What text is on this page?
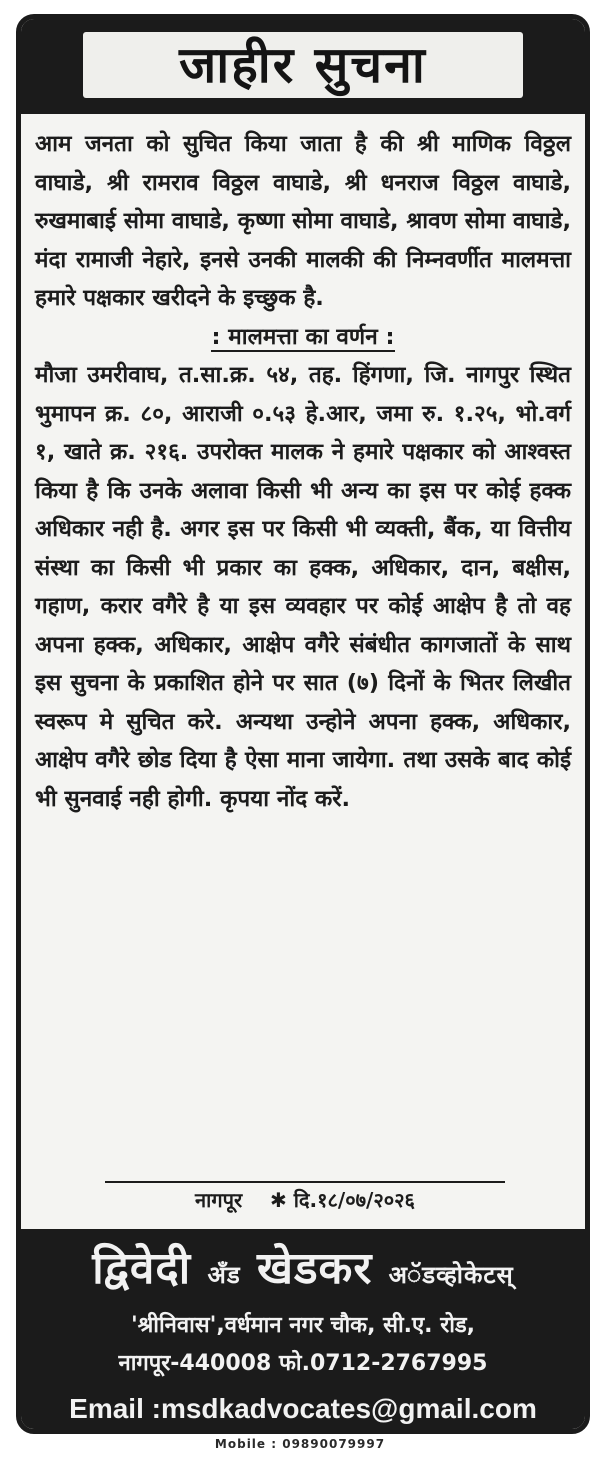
जाहीर सुचना

आम जनता को सुचित किया जाता है की श्री माणिक विठ्ठल वाघाडे, श्री रामराव विठ्ठल वाघाडे, श्री धनराज विठ्ठल वाघाडे, रुखमाबाई सोमा वाघाडे, कृष्णा सोमा वाघाडे, श्रावण सोमा वाघाडे, मंदा रामाजी नेहारे, इनसे उनकी मालकी की निम्नवर्णीत मालमत्ता हमारे पक्षकार खरीदने के इच्छुक है.

: मालमत्ता का वर्णन :

मौजा उमरीवाघ, त.सा.क्र. ५४, तह. हिंगणा, जि. नागपुर स्थित भुमापन क्र. ८०, आराजी ०.५३ हे.आर, जमा रु. १.२५, भो.वर्ग १, खाते क्र. २१६. उपरोक्त मालक ने हमारे पक्षकार को आश्वस्त किया है कि उनके अलावा किसी भी अन्य का इस पर कोई हक्क अधिकार नही है. अगर इस पर किसी भी व्यक्ती, बैंक, या वित्तीय संस्था का किसी भी प्रकार का हक्क, अधिकार, दान, बक्षीस, गहाण, करार वगैरे है या इस व्यवहार पर कोई आक्षेप है तो वह अपना हक्क, अधिकार, आक्षेप वगैरे संबंधीत कागजातों के साथ इस सुचना के प्रकाशित होने पर सात (७) दिनों के भितर लिखीत स्वरूप मे सुचित करे. अन्यथा उन्होने अपना हक्क, अधिकार, आक्षेप वगैरे छोड दिया है ऐसा माना जायेगा. तथा उसके बाद कोई भी सुनवाई नही होगी. कृपया नोंद करें.

नागपूर ✱ दि.१८/०७/२०२६
द्विवेदी अँड खेडकर अॅडव्होकेटस्
'श्रीनिवास',वर्धमान नगर चौक, सी.ए. रोड,
नागपूर-440008 फो.0712-2767995
Email :msdkadvocates@gmail.com
Mobile : 09890079997
